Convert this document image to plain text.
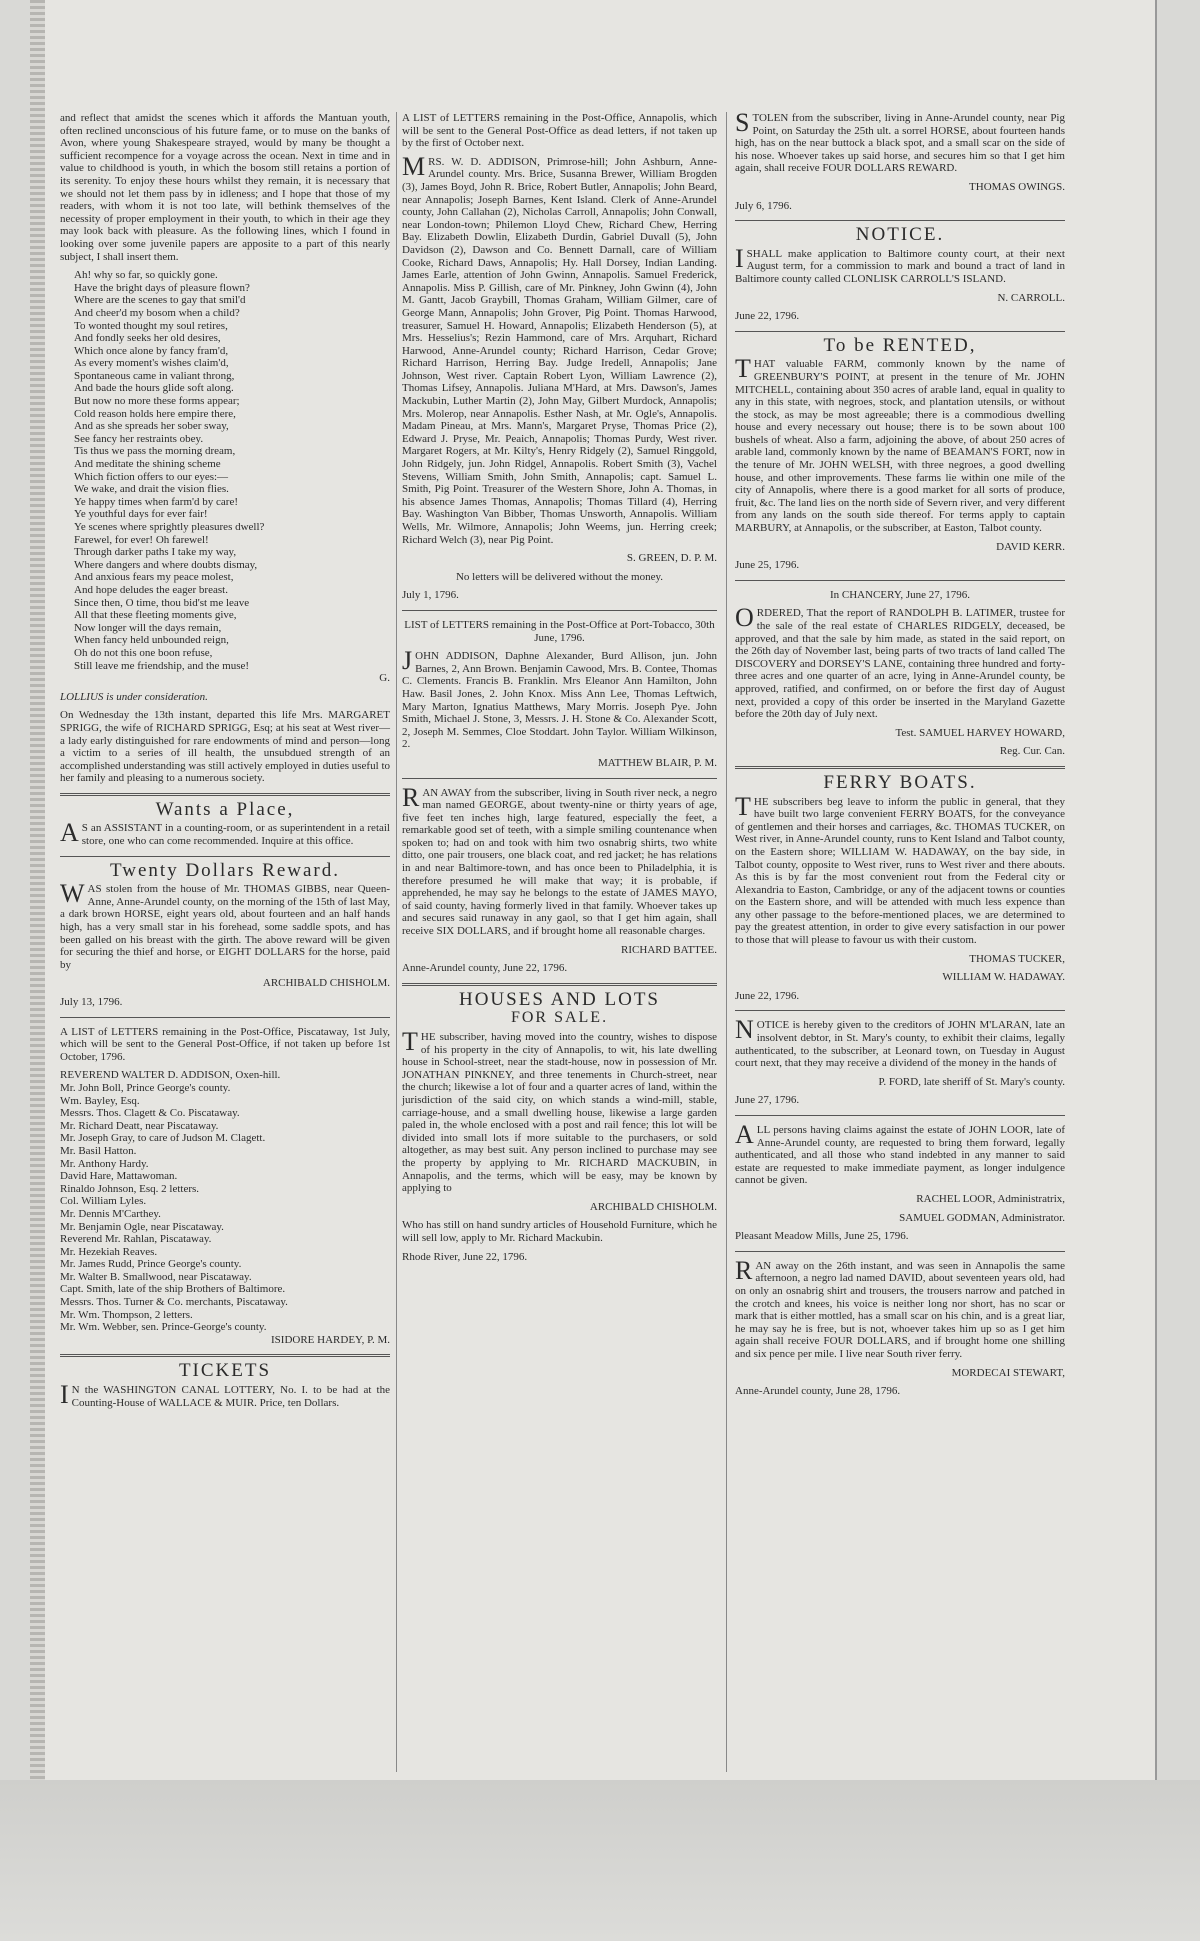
and reflect that amidst the scenes which it affords the Mantuan youth, often reclined unconscious of his future fame, or to muse on the banks of Avon, where young Shakespeare strayed, would by many be thought a sufficient recompence for a voyage across the ocean. Next in time and in value to childhood is youth, in which the bosom still retains a portion of its serenity. To enjoy these hours whilst they remain, it is necessary that we should not let them pass by in idleness; and I hope that those of my readers, with whom it is not too late, will bethink themselves of the necessity of proper employment in their youth, to which in their age they may look back with pleasure. As the following lines, which I found in looking over some juvenile papers are apposite to a part of this nearly subject, I shall insert them.

Ah! why so far, so quickly gone.
Have the bright days of pleasure flown?
Where are the scenes to gay that smil'd
And cheer'd my bosom when a child?
To wonted thought my soul retires,
And fondly seeks her old desires,
Which once alone by fancy fram'd,
As every moment's wishes claim'd,
Spontaneous came in valiant throng,
And bade the hours glide soft along.
But now no more these forms appear;
Cold reason holds here empire there,
And as she spreads her sober sway,
See fancy her restraints obey.
Tis thus we pass the morning dream,
And meditate the shining scheme
Which fiction offers to our eyes:—
We wake, and drait the vision flies.
Ye happy times when farm'd by care!
Ye youthful days for ever fair!
Ye scenes where sprightly pleasures dwell?
Farewel, for ever! Oh farewel!
Through darker paths I take my way,
Where dangers and where doubts dismay,
And anxious fears my peace molest,
And hope deludes the eager breast.
Since then, O time, thou bid'st me leave
All that these fleeting moments give,
Now longer will the days remain,
When fancy held unbounded reign,
Oh do not this one boon refuse,
Still leave me friendship, and the muse!

G.

LOLLIUS is under consideration.

On Wednesday the 13th instant, departed this life Mrs. MARGARET SPRIGG, the wife of RICHARD SPRIGG, Esq; at his seat at West river—a lady early distinguished for rare endowments of mind and person—long a victim to a series of ill health, the unsubdued strength of an accomplished understanding was still actively employed in duties useful to her family and pleasing to a numerous society.

Wants a Place,

AS an ASSISTANT in a counting-room, or as superintendent in a retail store, one who can come recommended. Inquire at this office.

Twenty Dollars Reward.

WAS stolen from the house of Mr. THOMAS GIBBS, near Queen-Anne, Anne-Arundel county, on the morning of the 15th of last May, a dark brown HORSE, eight years old, about fourteen and an half hands high, has a very small star in his forehead, some saddle spots, and has been galled on his breast with the girth. The above reward will be given for securing the thief and horse, or EIGHT DOLLARS for the horse, paid by

ARCHIBALD CHISHOLM.

July 13, 1796.

A LIST of LETTERS remaining in the Post-Office, Piscataway, 1st July, which will be sent to the General Post-Office, if not taken up before 1st October, 1796.

REVEREND WALTER D. ADDISON, Oxen-hill.
Mr. John Boll, Prince George's county.
Wm. Bayley, Esq.
Messrs. Thos. Clagett & Co. Piscataway.
Mr. Richard Deatt, near Piscataway.
Mr. Joseph Gray, to care of Judson M. Clagett.
Mr. Basil Hatton.
Mr. Anthony Hardy.
David Hare, Mattawoman.
Rinaldo Johnson, Esq. 2 letters.
Col. William Lyles.
Mr. Dennis M'Carthey.
Mr. Benjamin Ogle, near Piscataway.
Reverend Mr. Rahlan, Piscataway.
Mr. Hezekiah Reaves.
Mr. James Rudd, Prince George's county.
Mr. Walter B. Smallwood, near Piscataway.
Capt. Smith, late of the ship Brothers of Baltimore.
Messrs. Thos. Turner & Co. merchants, Piscataway.
Mr. Wm. Thompson, 2 letters.
Mr. Wm. Webber, sen. Prince-George's county.

ISIDORE HARDEY, P. M.

TICKETS

IN the WASHINGTON CANAL LOTTERY, No. I. to be had at the Counting-House of WALLACE & MUIR. Price, ten Dollars.

A LIST of LETTERS remaining in the Post-Office, Annapolis, which will be sent to the General Post-Office as dead letters, if not taken up by the first of October next.

MRS. W. D. ADDISON, Primrose-hill; John Ashburn, Anne-Arundel county. Mrs. Brice, Susanna Brewer, William Brogden (3), James Boyd, John R. Brice, Robert Butler, Annapolis; John Beard, near Annapolis; Joseph Barnes, Kent Island. Clerk of Anne-Arundel county, John Callahan (2), Nicholas Carroll, Annapolis; John Conwall, near London-town; Philemon Lloyd Chew, Richard Chew, Herring Bay. Elizabeth Dowlin, Elizabeth Durdin, Gabriel Duvall (5), John Davidson (2), Dawson and Co. Bennett Darnall, care of William Cooke, Richard Daws, Annapolis; Hy. Hall Dorsey, Indian Landing. James Earle, attention of John Gwinn, Annapolis. Samuel Frederick, Annapolis. Miss P. Gillish, care of Mr. Pinkney, John Gwinn (4), John M. Gantt, Jacob Graybill, Thomas Graham, William Gilmer, care of George Mann, Annapolis; John Grover, Pig Point. Thomas Harwood, treasurer, Samuel H. Howard, Annapolis; Elizabeth Henderson (5), at Mrs. Hesselius's; Rezin Hammond, care of Mrs. Arquhart, Richard Harwood, Anne-Arundel county; Richard Harrison, Cedar Grove; Richard Harrison, Herring Bay. Judge Iredell, Annapolis; Jane Johnson, West river. Captain Robert Lyon, William Lawrence (2), Thomas Lifsey, Annapolis. Juliana M'Hard, at Mrs. Dawson's, James Mackubin, Luther Martin (2), John May, Gilbert Murdock, Annapolis; Mrs. Molerop, near Annapolis. Esther Nash, at Mr. Ogle's, Annapolis. Madam Pineau, at Mrs. Mann's, Margaret Pryse, Thomas Price (2), Edward J. Pryse, Mr. Peaich, Annapolis; Thomas Purdy, West river. Margaret Rogers, at Mr. Kilty's, Henry Ridgely (2), Samuel Ringgold, John Ridgely, jun. John Ridgel, Annapolis. Robert Smith (3), Vachel Stevens, William Smith, John Smith, Annapolis; capt. Samuel L. Smith, Pig Point. Treasurer of the Western Shore, John A. Thomas, in his absence James Thomas, Annapolis; Thomas Tillard (4), Herring Bay. Washington Van Bibber, Thomas Unsworth, Annapolis. William Wells, Mr. Wilmore, Annapolis; John Weems, jun. Herring creek; Richard Welch (3), near Pig Point.

S. GREEN, D. P. M.

No letters will be delivered without the money.

July 1, 1796.

LIST of LETTERS remaining in the Post-Office at Port-Tobacco, 30th June, 1796.

JOHN ADDISON, Daphne Alexander, Burd Allison, jun. John Barnes, 2, Ann Brown. Benjamin Cawood, Mrs. B. Contee, Thomas C. Clements. Francis B. Franklin. Mrs Eleanor Ann Hamilton, John Haw. Basil Jones, 2. John Knox. Miss Ann Lee, Thomas Leftwich, Mary Marton, Ignatius Matthews, Mary Morris. Joseph Pye. John Smith, Michael J. Stone, 3, Messrs. J. H. Stone & Co. Alexander Scott, 2, Joseph M. Semmes, Cloe Stoddart. John Taylor. William Wilkinson, 2.

MATTHEW BLAIR, P. M.

RAN AWAY from the subscriber, living in South river neck, a negro man named GEORGE, about twenty-nine or thirty years of age, five feet ten inches high, large featured, especially the feet, a remarkable good set of teeth, with a simple smiling countenance when spoken to; had on and took with him two osnabrig shirts, two white ditto, one pair trousers, one black coat, and red jacket; he has relations in and near Baltimore-town, and has once been to Philadelphia, it is therefore presumed he will make that way; it is probable, if apprehended, he may say he belongs to the estate of JAMES MAYO, of said county, having formerly lived in that family. Whoever takes up and secures said runaway in any gaol, so that I get him again, shall receive SIX DOLLARS, and if brought home all reasonable charges.

RICHARD BATTEE.

Anne-Arundel county, June 22, 1796.

HOUSES AND LOTS
FOR SALE.

THE subscriber, having moved into the country, wishes to dispose of his property in the city of Annapolis, to wit, his late dwelling house in School-street, near the stadt-house, now in possession of Mr. JONATHAN PINKNEY, and three tenements in Church-street, near the church; likewise a lot of four and a quarter acres of land, within the jurisdiction of the said city, on which stands a wind-mill, stable, carriage-house, and a small dwelling house, likewise a large garden paled in, the whole enclosed with a post and rail fence; this lot will be divided into small lots if more suitable to the purchasers, or sold altogether, as may best suit. Any person inclined to purchase may see the property by applying to Mr. RICHARD MACKUBIN, in Annapolis, and the terms, which will be easy, may be known by applying to

ARCHIBALD CHISHOLM.

Who has still on hand sundry articles of Household Furniture, which he will sell low, apply to Mr. Richard Mackubin.

Rhode River, June 22, 1796.

STOLEN from the subscriber, living in Anne-Arundel county, near Pig Point, on Saturday the 25th ult. a sorrel HORSE, about fourteen hands high, has on the near buttock a black spot, and a small scar on the side of his nose. Whoever takes up said horse, and secures him so that I get him again, shall receive FOUR DOLLARS REWARD.

THOMAS OWINGS.

July 6, 1796.

NOTICE.

ISHALL make application to Baltimore county court, at their next August term, for a commission to mark and bound a tract of land in Baltimore county called CLONLISK CARROLL'S ISLAND.

N. CARROLL.

June 22, 1796.

To be RENTED,

THAT valuable FARM, commonly known by the name of GREENBURY'S POINT, at present in the tenure of Mr. JOHN MITCHELL, containing about 350 acres of arable land, equal in quality to any in this state, with negroes, stock, and plantation utensils, or without the stock, as may be most agreeable; there is a commodious dwelling house and every necessary out house; there is to be sown about 100 bushels of wheat. Also a farm, adjoining the above, of about 250 acres of arable land, commonly known by the name of BEAMAN'S FORT, now in the tenure of Mr. JOHN WELSH, with three negroes, a good dwelling house, and other improvements. These farms lie within one mile of the city of Annapolis, where there is a good market for all sorts of produce, fruit, &c. The land lies on the north side of Severn river, and very different from any lands on the south side thereof. For terms apply to captain MARBURY, at Annapolis, or the subscriber, at Easton, Talbot county.

DAVID KERR.

June 25, 1796.

In CHANCERY, June 27, 1796.

ORDERED, That the report of RANDOLPH B. LATIMER, trustee for the sale of the real estate of CHARLES RIDGELY, deceased, be approved, and that the sale by him made, as stated in the said report, on the 26th day of November last, being parts of two tracts of land called The DISCOVERY and DORSEY'S LANE, containing three hundred and forty-three acres and one quarter of an acre, lying in Anne-Arundel county, be approved, ratified, and confirmed, on or before the first day of August next, provided a copy of this order be inserted in the Maryland Gazette before the 20th day of July next.

Test. SAMUEL HARVEY HOWARD,

Reg. Cur. Can.

FERRY BOATS.

THE subscribers beg leave to inform the public in general, that they have built two large convenient FERRY BOATS, for the conveyance of gentlemen and their horses and carriages, &c. THOMAS TUCKER, on West river, in Anne-Arundel county, runs to Kent Island and Talbot county, on the Eastern shore; WILLIAM W. HADAWAY, on the bay side, in Talbot county, opposite to West river, runs to West river and there abouts. As this is by far the most convenient rout from the Federal city or Alexandria to Easton, Cambridge, or any of the adjacent towns or counties on the Eastern shore, and will be attended with much less expence than any other passage to the before-mentioned places, we are determined to pay the greatest attention, in order to give every satisfaction in our power to those that will please to favour us with their custom.

THOMAS TUCKER,

WILLIAM W. HADAWAY.

June 22, 1796.

NOTICE is hereby given to the creditors of JOHN M'LARAN, late an insolvent debtor, in St. Mary's county, to exhibit their claims, legally authenticated, to the subscriber, at Leonard town, on Tuesday in August court next, that they may receive a dividend of the money in the hands of

P. FORD, late sheriff of St. Mary's county.

June 27, 1796.

ALL persons having claims against the estate of JOHN LOOR, late of Anne-Arundel county, are requested to bring them forward, legally authenticated, and all those who stand indebted in any manner to said estate are requested to make immediate payment, as longer indulgence cannot be given.

RACHEL LOOR, Administratrix,

SAMUEL GODMAN, Administrator.

Pleasant Meadow Mills, June 25, 1796.

RAN away on the 26th instant, and was seen in Annapolis the same afternoon, a negro lad named DAVID, about seventeen years old, had on only an osnabrig shirt and trousers, the trousers narrow and patched in the crotch and knees, his voice is neither long nor short, has no scar or mark that is either mottled, has a small scar on his chin, and is a great liar, he may say he is free, but is not, whoever takes him up so as I get him again shall receive FOUR DOLLARS, and if brought home one shilling and six pence per mile. I live near South river ferry.

MORDECAI STEWART,

Anne-Arundel county, June 28, 1796.
